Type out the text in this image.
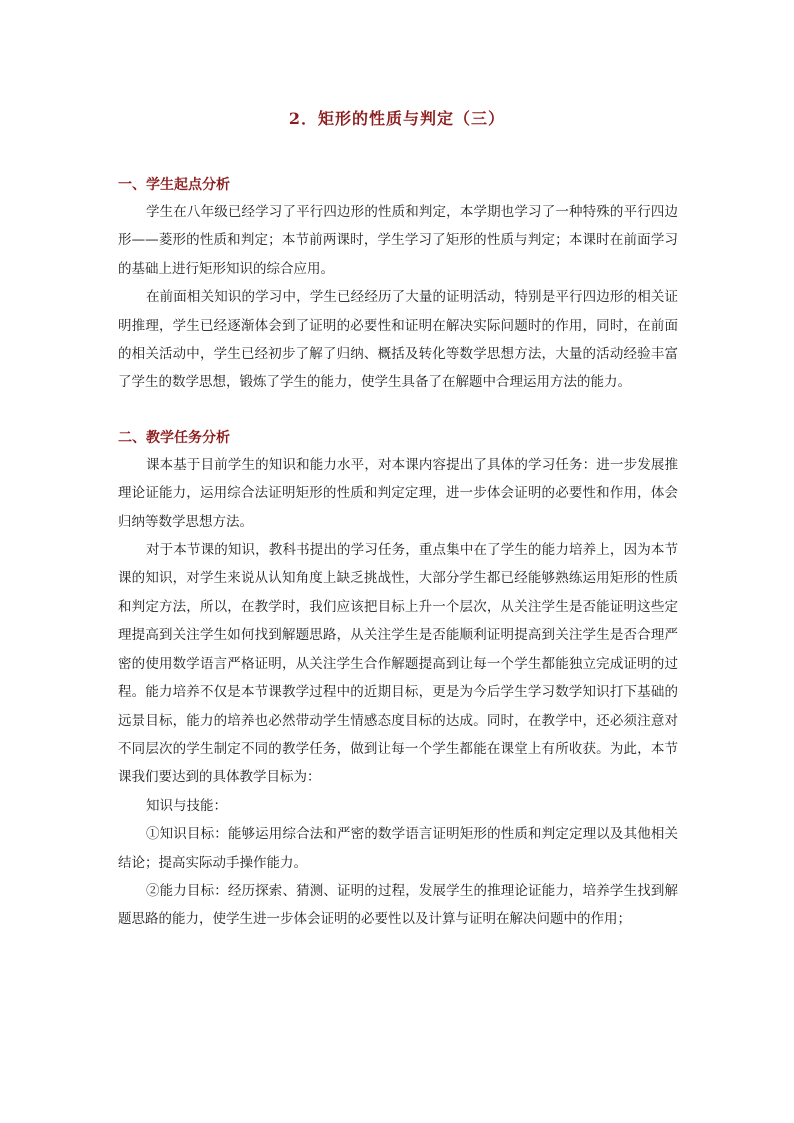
2．矩形的性质与判定（三）
一、学生起点分析

学生在八年级已经学习了平行四边形的性质和判定，本学期也学习了一种特殊的平行四边形——菱形的性质和判定；本节前两课时，学生学习了矩形的性质与判定；本课时在前面学习的基础上进行矩形知识的综合应用。

在前面相关知识的学习中，学生已经经历了大量的证明活动，特别是平行四边形的相关证明推理，学生已经逐渐体会到了证明的必要性和证明在解决实际问题时的作用，同时，在前面的相关活动中，学生已经初步了解了归纳、概括及转化等数学思想方法，大量的活动经验丰富了学生的数学思想，锻炼了学生的能力，使学生具备了在解题中合理运用方法的能力。

二、教学任务分析

课本基于目前学生的知识和能力水平，对本课内容提出了具体的学习任务：进一步发展推理论证能力，运用综合法证明矩形的性质和判定定理，进一步体会证明的必要性和作用，体会归纳等数学思想方法。

对于本节课的知识，教科书提出的学习任务，重点集中在了学生的能力培养上，因为本节课的知识，对学生来说从认知角度上缺乏挑战性，大部分学生都已经能够熟练运用矩形的性质和判定方法，所以，在教学时，我们应该把目标上升一个层次，从关注学生是否能证明这些定理提高到关注学生如何找到解题思路，从关注学生是否能顺利证明提高到关注学生是否合理严密的使用数学语言严格证明，从关注学生合作解题提高到让每一个学生都能独立完成证明的过程。能力培养不仅是本节课教学过程中的近期目标，更是为今后学生学习数学知识打下基础的远景目标，能力的培养也必然带动学生情感态度目标的达成。同时，在教学中，还必须注意对不同层次的学生制定不同的教学任务，做到让每一个学生都能在课堂上有所收获。为此，本节课我们要达到的具体教学目标为：

知识与技能：

①知识目标：能够运用综合法和严密的数学语言证明矩形的性质和判定定理以及其他相关结论；提高实际动手操作能力。

②能力目标：经历探索、猜测、证明的过程，发展学生的推理论证能力，培养学生找到解题思路的能力，使学生进一步体会证明的必要性以及计算与证明在解决问题中的作用；
